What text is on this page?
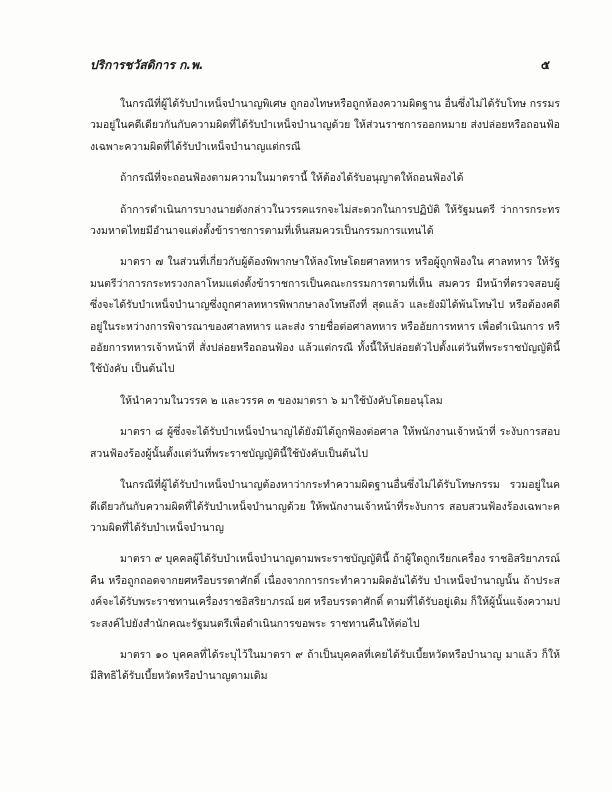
ปริการชวัสดิการ ก.พ.	๕

ในกรณีที่ผู้ได้รับบำเหน็จบำนาญพิเศษ ถูกองไทษหรือถูกห้องความผิดฐาน อื่นซึ่งไม่ได้รับโทษ กรรมรวมอยู่ในคดีเดียวกันกับความผิดที่ได้รับบำเหน็จบำนาญด้วย ให้ส่วนราชการออกหมาย ส่งปล่อยหรือถอนฟ้องเฉพาะความผิดที่ได้รับบำเหน็จบำนาญแต่กรณี

ถ้ากรณีที่จะถอนฟ้องตามความในมาตรานี้ ให้ต้องได้รับอนุญาตให้ถอนฟ้องได้

ถ้าการดำเนินการบางนายดังกล่าวในวรรคแรกจะไม่สะดวกในการปฏิบัติ ให้รัฐมนตรี ว่าการกระทรวงมหาดไทยมีอำนาจแต่งตั้งข้าราชการตามที่เห็นสมควรเป็นกรรมการแทนได้

มาตรา ๗ ในส่วนที่เกี่ยวกับผู้ต้องพิพากษาให้ลงโทษโดยศาลทหาร หรือผู้ถูกฟ้องใน ศาลทหาร ให้รัฐมนตรีว่าการกระทรวงกลาโหมแต่งตั้งข้าราชการเป็นคณะกรรมการตามที่เห็น สมควร มีหน้าที่ตรวจสอบผู้ซึ่งจะได้รับบำเหน็จบำนาญซึ่งถูกศาลทหารพิพากษาลงโทษถึงที่ สุดแล้ว และยังมิได้พ้นโทษไป หรือต้องคดีอยู่ในระหว่างการพิจารณาของศาลทหาร และส่ง รายชื่อต่อศาลทหาร หรืออัยการทหาร เพื่อดำเนินการ หรืออัยการทหารเจ้าหน้าที่ สั่งปล่อยหรือถอนฟ้อง แล้วแต่กรณี ทั้งนี้ให้ปล่อยตัวไปตั้งแต่วันที่พระราชบัญญัตินี้ใช้บังคับ เป็นต้นไป

ให้นำความในวรรค ๒ และวรรค ๓ ของมาตรา ๖ มาใช้บังคับโดยอนุโลม

มาตรา ๘ ผู้ซึ่งจะได้รับบำเหน็จบำนาญได้ยังมิได้ถูกฟ้องต่อศาล ให้พนักงานเจ้าหน้าที่ ระงับการสอบสวนฟ้องร้องผู้นั้นตั้งแต่วันที่พระราชบัญญัตินี้ใช้บังคับเป็นต้นไป

ในกรณีที่ผู้ได้รับบำเหน็จบำนาญต้องหาว่ากระทำความผิดฐานอื่นซึ่งไม่ได้รับโทษกรรม รวมอยู่ในคดีเดียวกันกับความผิดที่ได้รับบำเหน็จบำนาญด้วย ให้พนักงานเจ้าหน้าที่ระงับการ สอบสวนฟ้องร้องเฉพาะความผิดที่ได้รับบำเหน็จบำนาญ

มาตรา ๙ บุคคลผู้ได้รับบำเหน็จบำนาญตามพระราชบัญญัตินี้ ถ้าผู้ใดถูกเรียกเครื่อง ราชอิสริยาภรณ์คืน หรือถูกถอดจากยศหรือบรรดาศักดิ์ เนื่องจากการกระทำความผิดอันได้รับ บำเหน็จบำนาญนั้น ถ้าประสงค์จะได้รับพระราชทานเครื่องราชอิสริยาภรณ์ ยศ หรือบรรดาศักดิ์ ตามที่ได้รับอยู่เดิม ก็ให้ผู้นั้นแจ้งความประสงค์ไปยังสำนักคณะรัฐมนตรีเพื่อดำเนินการขอพระ ราชทานคืนให้ต่อไป

มาตรา ๑๐ บุคคลที่ได้ระบุไว้ในมาตรา ๙ ถ้าเป็นบุคคลที่เคยได้รับเบี้ยหวัดหรือบำนาญ มาแล้ว ก็ให้มีสิทธิได้รับเบี้ยหวัดหรือบำนาญตามเดิม
